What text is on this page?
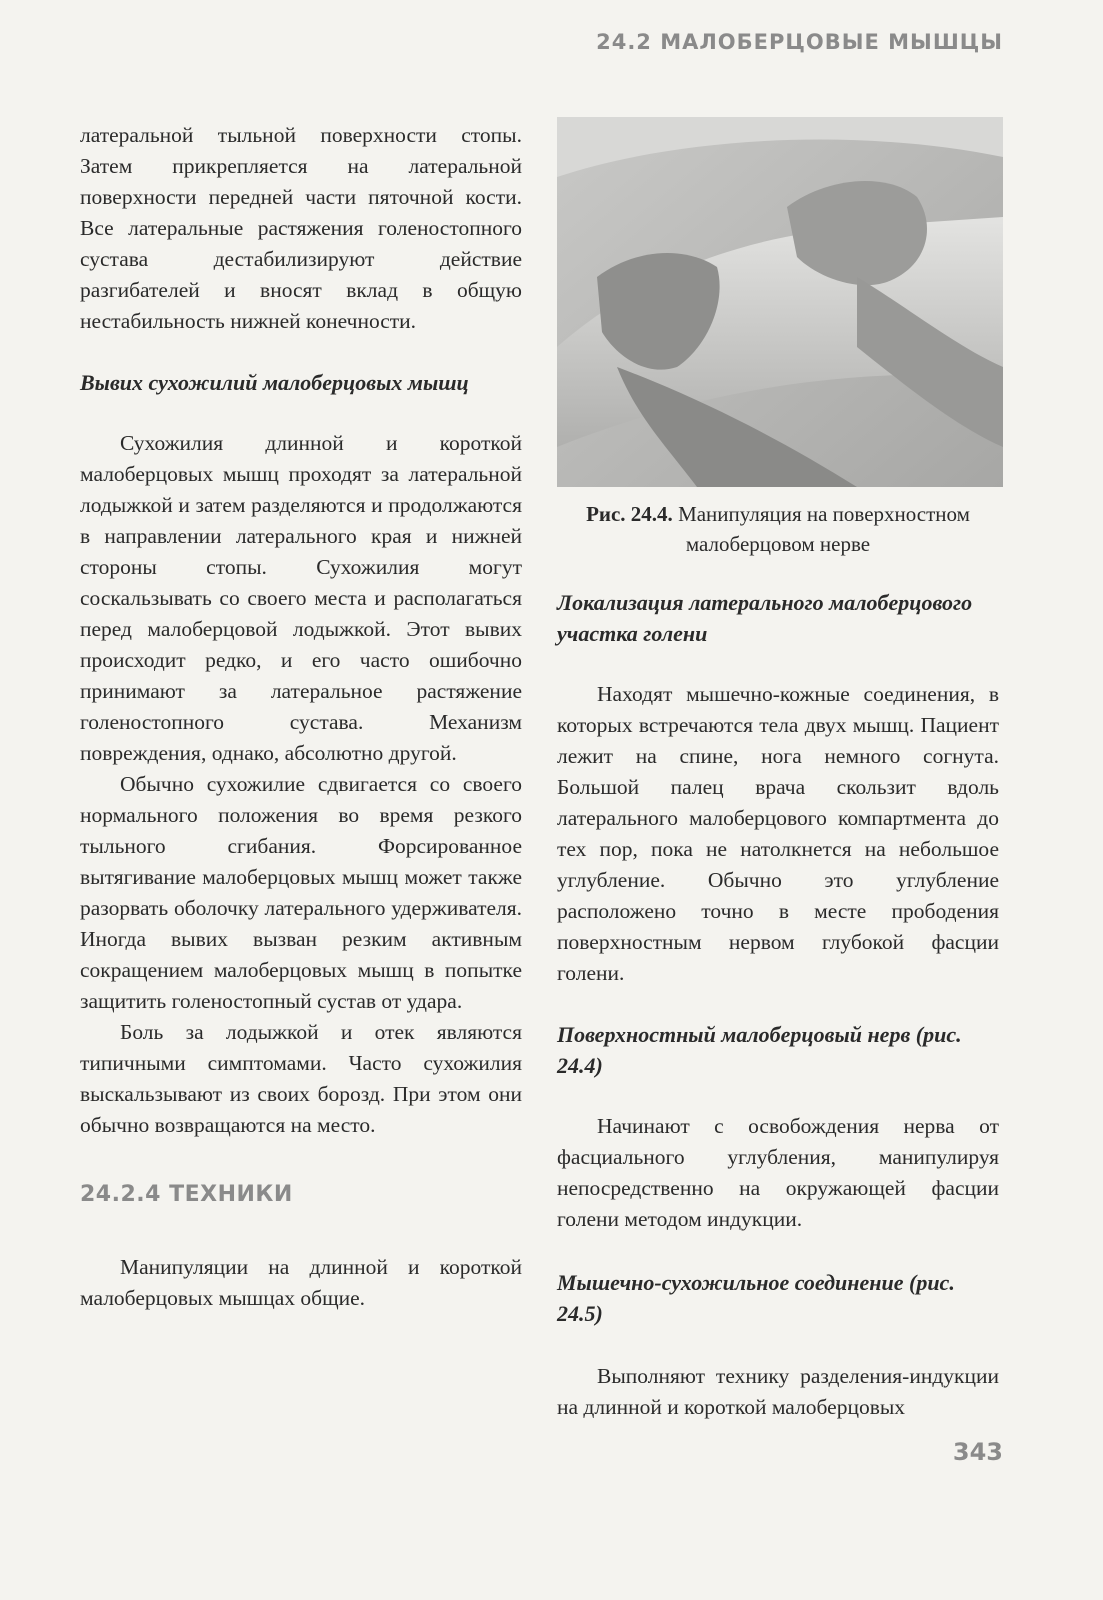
24.2 МАЛОБЕРЦОВЫЕ МЫШЦЫ

латеральной тыльной поверхности стопы. Затем прикрепляется на латеральной поверхности передней части пяточной кости. Все латеральные растяжения голеностопного сустава дестабилизируют действие разгибателей и вносят вклад в общую нестабильность нижней конечности.

Вывих сухожилий малоберцовых мышц

Сухожилия длинной и короткой малоберцовых мышц проходят за латеральной лодыжкой и затем разделяются и продолжаются в направлении латерального края и нижней стороны стопы. Сухожилия могут соскальзывать со своего места и располагаться перед малоберцовой лодыжкой. Этот вывих происходит редко, и его часто ошибочно принимают за латеральное растяжение голеностопного сустава. Механизм повреждения, однако, абсолютно другой.

Обычно сухожилие сдвигается со своего нормального положения во время резкого тыльного сгибания. Форсированное вытягивание малоберцовых мышц может также разорвать оболочку латерального удерживателя. Иногда вывих вызван резким активным сокращением малоберцовых мышц в попытке защитить голеностопный сустав от удара.

Боль за лодыжкой и отек являются типичными симптомами. Часто сухожилия выскальзывают из своих борозд. При этом они обычно возвращаются на место.

24.2.4 ТЕХНИКИ

Манипуляции на длинной и короткой малоберцовых мышцах общие.

Рис. 24.4. Манипуляция на поверхностном малоберцовом нерве
Локализация латерального малоберцового участка голени

Находят мышечно-кожные соединения, в которых встречаются тела двух мышц. Пациент лежит на спине, нога немного согнута. Большой палец врача скользит вдоль латерального малоберцового компартмента до тех пор, пока не натолкнется на небольшое углубление. Обычно это углубление расположено точно в месте прободения поверхностным нервом глубокой фасции голени.

Поверхностный малоберцовый нерв (рис. 24.4)

Начинают с освобождения нерва от фасциального углубления, манипулируя непосредственно на окружающей фасции голени методом индукции.

Мышечно-сухожильное соединение (рис. 24.5)

Выполняют технику разделения-индукции на длинной и короткой малоберцовых

343
